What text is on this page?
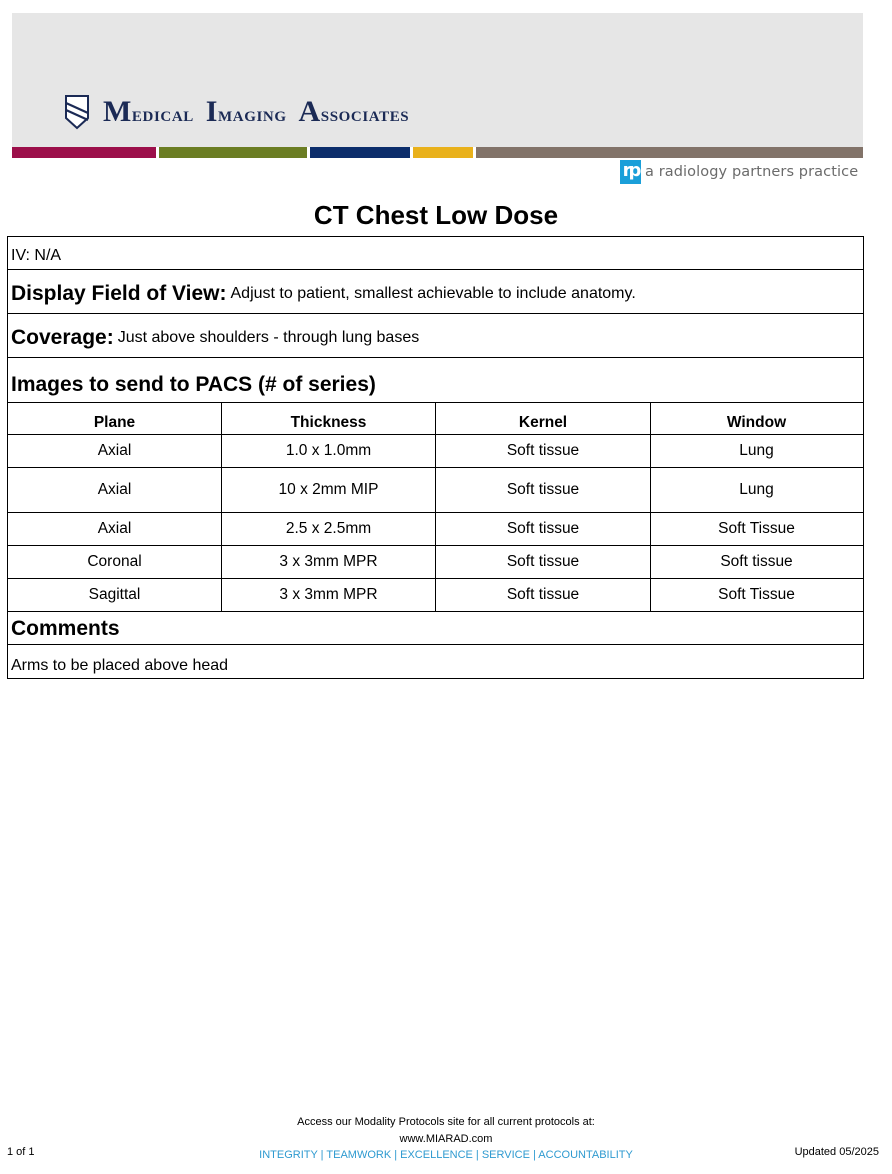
Medical Imaging Associates
rp a radiology partners practice
CT Chest Low Dose
IV: N/A
Display Field of View: Adjust to patient, smallest achievable to include anatomy.
Coverage: Just above shoulders - through lung bases
Images to send to PACS (# of series)
Plane	Thickness	Kernel	Window
Axial	1.0 x 1.0mm	Soft tissue	Lung
Axial	10 x 2mm MIP	Soft tissue	Lung
Axial	2.5 x 2.5mm	Soft tissue	Soft Tissue
Coronal	3 x 3mm MPR	Soft tissue	Soft tissue
Sagittal	3 x 3mm MPR	Soft tissue	Soft Tissue
Comments
Arms to be placed above head
Access our Modality Protocols site for all current protocols at:
www.MIARAD.com
INTEGRITY | TEAMWORK | EXCELLENCE | SERVICE | ACCOUNTABILITY
1 of 1	Updated 05/2025
